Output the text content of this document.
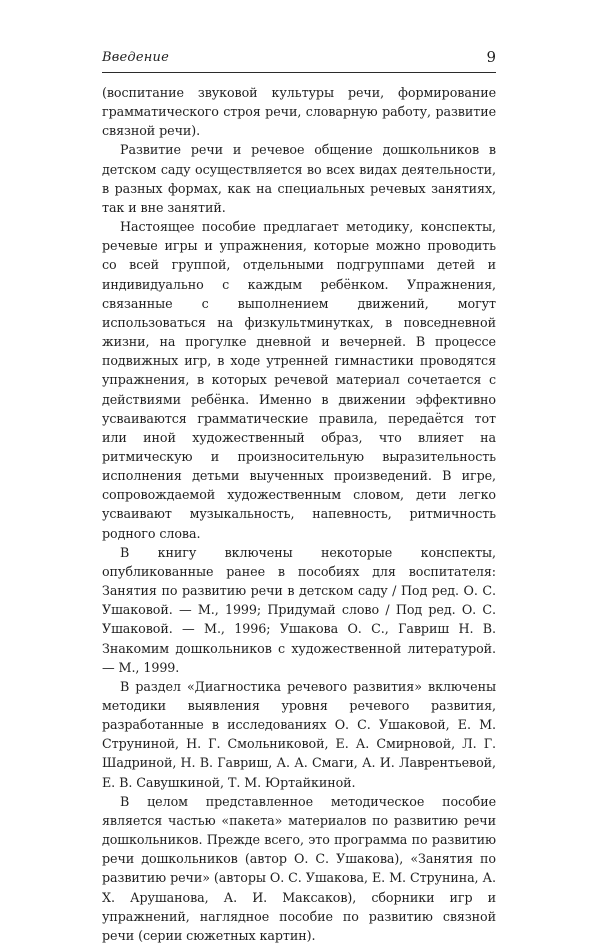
Введение	9

(воспитание звуковой культуры речи, формирование грамматического строя речи, словарную работу, развитие связной речи).

Развитие речи и речевое общение дошкольников в детском саду осуществляется во всех видах деятельности, в разных формах, как на специальных речевых занятиях, так и вне занятий.

Настоящее пособие предлагает методику, конспекты, речевые игры и упражнения, которые можно проводить со всей группой, отдельными подгруппами детей и индивидуально с каждым ребёнком. Упражнения, связанные с выполнением движений, могут использоваться на физкультминутках, в повседневной жизни, на прогулке дневной и вечерней. В процессе подвижных игр, в ходе утренней гимнастики проводятся упражнения, в которых речевой материал сочетается с действиями ребёнка. Именно в движении эффективно усваиваются грамматические правила, передаётся тот или иной художественный образ, что влияет на ритмическую и произносительную выразительность исполнения детьми выученных произведений. В игре, сопровождаемой художественным словом, дети легко усваивают музыкальность, напевность, ритмичность родного слова.

В книгу включены некоторые конспекты, опубликованные ранее в пособиях для воспитателя: Занятия по развитию речи в детском саду / Под ред. О. С. Ушаковой. — М., 1999; Придумай слово / Под ред. О. С. Ушаковой. — М., 1996; Ушакова О. С., Гавриш Н. В. Знакомим дошкольников с художественной литературой. — М., 1999.

В раздел «Диагностика речевого развития» включены методики выявления уровня речевого развития, разработанные в исследованиях О. С. Ушаковой, Е. М. Струниной, Н. Г. Смольниковой, Е. А. Смирновой, Л. Г. Шадриной, Н. В. Гавриш, А. А. Смаги, А. И. Лаврентьевой, Е. В. Савушкиной, Т. М. Юртайкиной.

В целом представленное методическое пособие является частью «пакета» материалов по развитию речи дошкольников. Прежде всего, это программа по развитию речи дошкольников (автор О. С. Ушакова), «Занятия по развитию речи» (авторы О. С. Ушакова, Е. М. Струнина, А. Х. Арушанова, А. И. Максаков), сборники игр и упражнений, наглядное пособие по развитию связной речи (серии сюжетных картин).
